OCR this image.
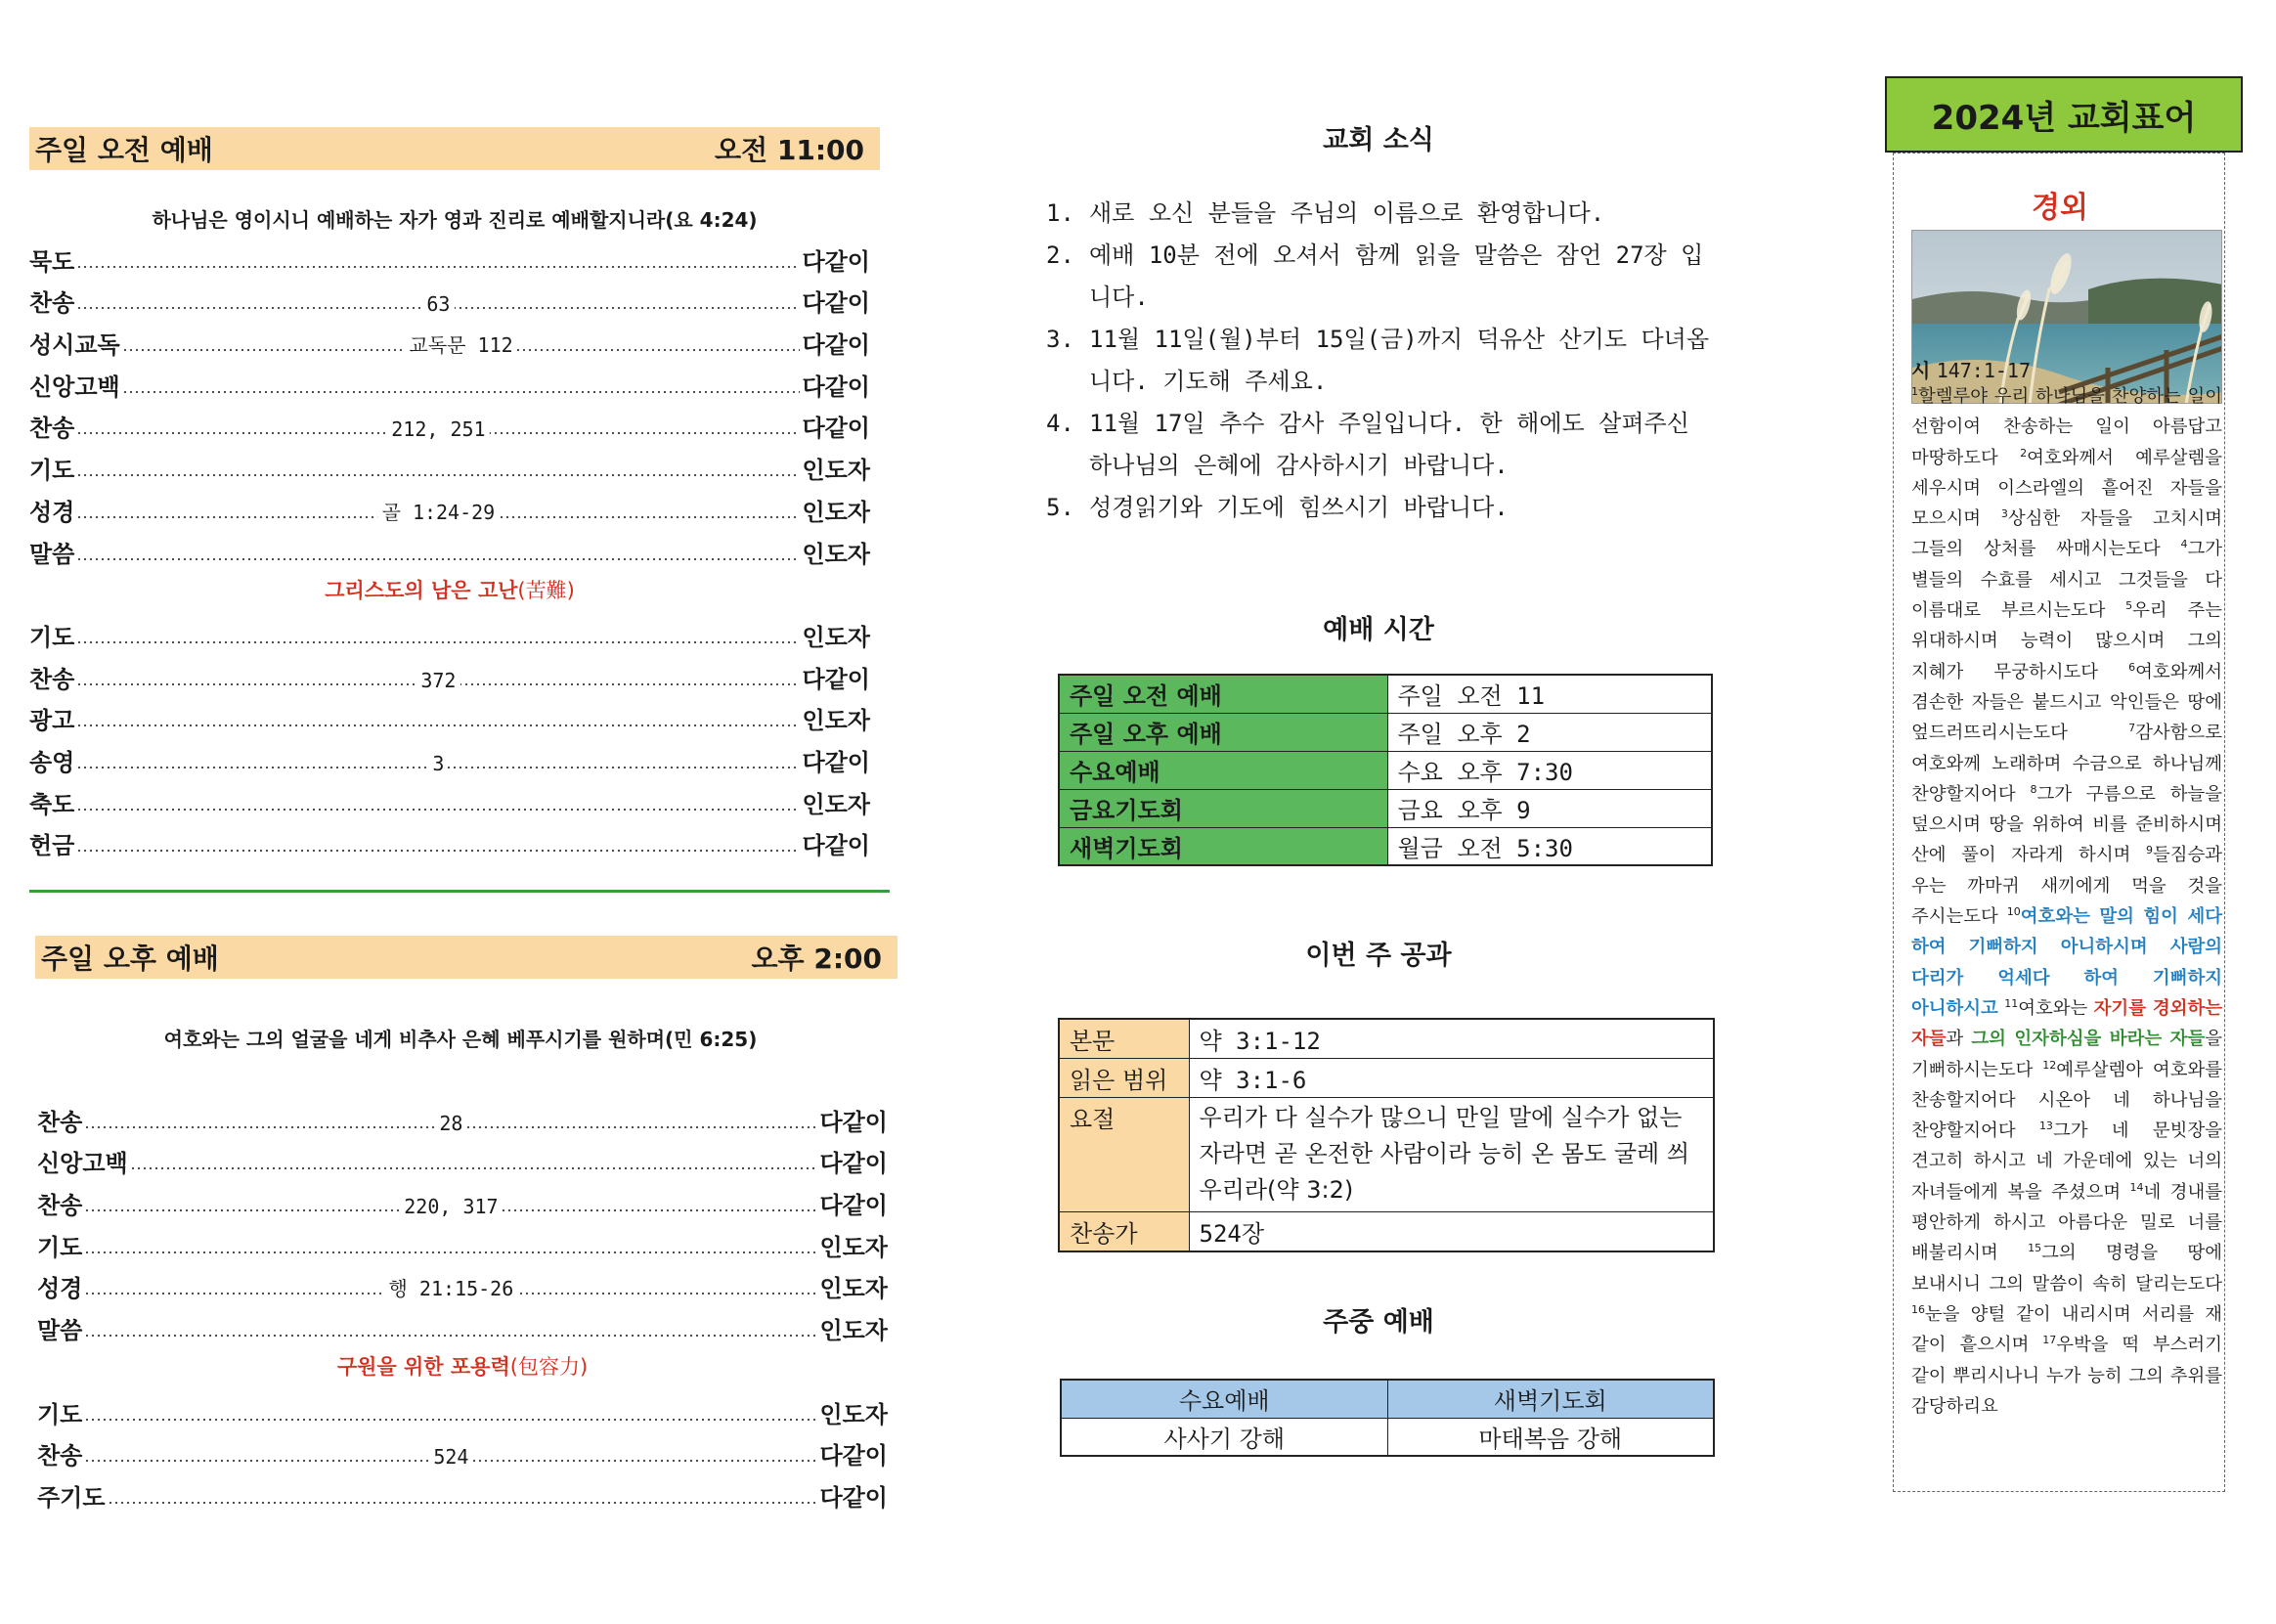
주일 오전 예배	오전 11:00
하나님은 영이시니 예배하는 자가 영과 진리로 예배할지니라(요 4:24)
묵도	다같이
찬송	63	다같이
성시교독	교독문 112	다같이
신앙고백	다같이
찬송	212, 251	다같이
기도	인도자
성경	골 1:24-29	인도자
말씀	인도자
그리스도의 남은 고난 (苦難)
기도	인도자
찬송	372	다같이
광고	인도자
송영	3	다같이
축도	인도자
헌금	다같이
주일 오후 예배	오후 2:00
여호와는 그의 얼굴을 네게 비추사 은혜 베푸시기를 원하며(민 6:25)
찬송	28	다같이
신앙고백	다같이
찬송	220, 317	다같이
기도	인도자
성경	행 21:15-26	인도자
말씀	인도자
구원을 위한 포용력 (包容力)
기도	인도자
찬송	524	다같이
주기도	다같이
교회 소식
1. 새로 오신 분들을 주님의 이름으로 환영합니다.
2. 예배 10분 전에 오셔서 함께 읽을 말씀은 잠언 27장 입니다.
3. 11월 11일(월)부터 15일(금)까지 덕유산 산기도 다녀옵니다. 기도해 주세요.
4. 11월 17일 추수 감사 주일입니다. 한 해에도 살펴주신 하나님의 은혜에 감사하시기 바랍니다.
5. 성경읽기와 기도에 힘쓰시기 바랍니다.
예배 시간
주일 오전 예배	주일 오전 11
주일 오후 예배	주일 오후 2
수요예배	수요 오후 7:30
금요기도회	금요 오후 9
새벽기도회	월금 오전 5:30
이번 주 공과
본문	약 3:1-12
읽은 범위	약 3:1-6
요절	우리가 다 실수가 많으니 만일 말에 실수가 없는 자라면 곧 온전한 사람이라 능히 온 몸도 굴레 씌우리라(약 3:2)
찬송가	524장
주중 예배
수요예배	새벽기도회
사사기 강해	마태복음 강해
2024년 교회표어
경외
시 147:1-17
$^1$할렐루야 우리 하나님을 찬양하는 일이 선함이여 찬송하는 일이 아름답고 마땅하도다 $^2$여호와께서 예루살렘을 세우시며 이스라엘의 흩어진 자들을 모으시며 $^3$상심한 자들을 고치시며 그들의 상처를 싸매시는도다 $^4$그가 별들의 수효를 세시고 그것들을 다 이름대로 부르시는도다 $^5$우리 주는 위대하시며 능력이 많으시며 그의 지혜가 무궁하시도다	$^6$여호와께서 겸손한 자들은 붙드시고 악인들은 땅에 엎드러뜨리시는도다	$^7$감사함으로 여호와께 노래하며 수금으로 하나님께 찬양할지어다 $^8$그가 구름으로 하늘을 덮으시며 땅을 위하여 비를 준비하시며 산에 풀이 자라게 하시며 $^9$들짐승과 우는 까마귀 새끼에게 먹을 것을 주시는도다 $^{10}$여호와는 말의 힘이 세다 하여 기뻐하지 아니하시며 사람의 다리가 억세다 하여 기뻐하지 아니하시고 $^{11}$여호와는 자기를 경외하는 자들과 그의 인자하심을 바라는 자들을 기뻐하시는도다 $^{12}$예루살렘아 여호와를 찬송할지어다 시온아 네 하나님을 찬양할지어다 $^{13}$그가 네 문빗장을 견고히 하시고 네 가운데에 있는 너의 자녀들에게 복을 주셨으며 $^{14}$네 경내를 평안하게 하시고 아름다운 밀로 너를 배불리시며	$^{15}$그의 명령을 땅에 보내시니 그의 말씀이 속히 달리는도다 $^{16}$눈을 양털 같이 내리시며 서리를 재 같이 흩으시며 $^{17}$우박을 떡 부스러기 같이 뿌리시나니 누가 능히 그의 추위를 감당하리요
